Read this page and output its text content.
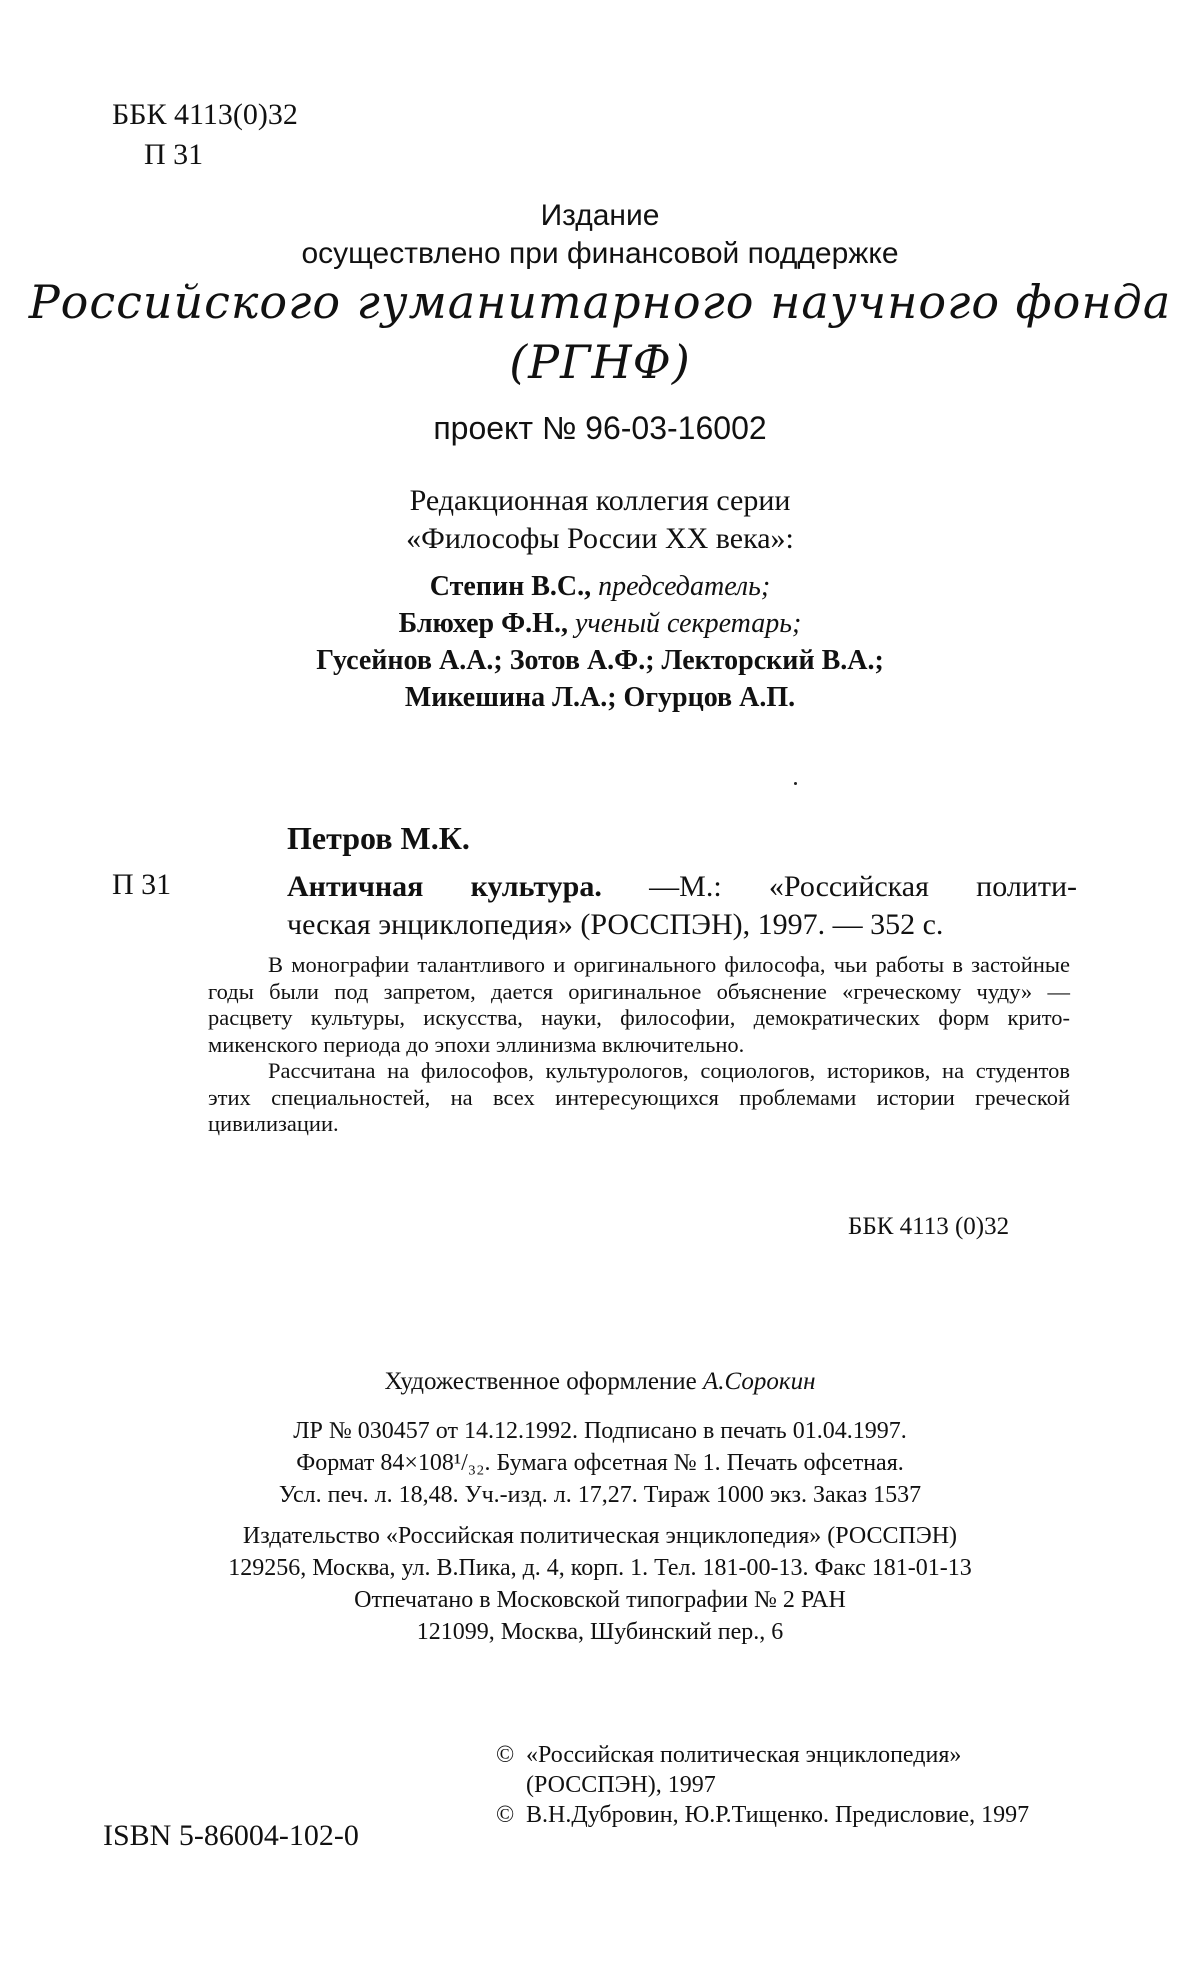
ББК 4113(0)32
П 31
Издание
осуществлено при финансовой поддержке
Российского гуманитарного научного фонда
(РГНФ)
проект № 96-03-16002
Редакционная коллегия серии
«Философы России XX века»:
Степин В.С., председатель;
Блюхер Ф.Н., ученый секретарь;
Гусейнов А.А.; Зотов А.Ф.; Лекторский В.А.;
Микешина Л.А.; Огурцов А.П.
Петров М.К.
П 31	Античная культура. —М.: «Российская полити-
ческая энциклопедия» (РОССПЭН), 1997. — 352 с.

В монографии талантливого и оригинального философа, чьи работы в застойные годы были под запретом, дается оригинальное объяснение «греческому чуду» — расцвету культуры, искусства, науки, философии, демократических форм крито-микенского периода до эпохи эллинизма включительно.

Рассчитана на философов, культурологов, социологов, историков, на студентов этих специальностей, на всех интересующихся проблемами истории греческой цивилизации.

ББК 4113 (0)32
Художественное оформление А.Сорокин
ЛР № 030457 от 14.12.1992. Подписано в печать 01.04.1997.
Формат 84×108¹/₃₂. Бумага офсетная № 1. Печать офсетная.
Усл. печ. л. 18,48. Уч.-изд. л. 17,27. Тираж 1000 экз. Заказ 1537
Издательство «Российская политическая энциклопедия» (РОССПЭН)
129256, Москва, ул. В.Пика, д. 4, корп. 1. Тел. 181-00-13. Факс 181-01-13
Отпечатано в Московской типографии № 2 РАН
121099, Москва, Шубинский пер., 6
© «Российская политическая энциклопедия» (РОССПЭН), 1997
© В.Н.Дубровин, Ю.Р.Тищенко. Предисловие, 1997
ISBN 5-86004-102-0
